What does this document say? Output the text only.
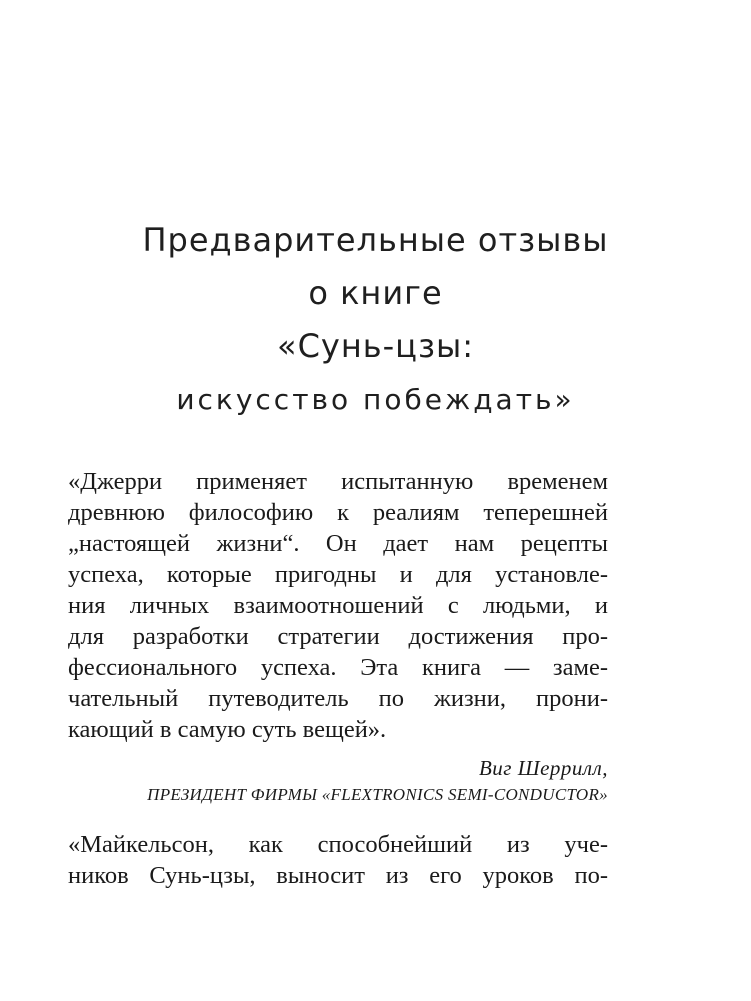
Предварительные отзывы
о книге
«Сунь-цзы:
искусство побеждать»
«Джерри применяет испытанную временем
древнюю философию к реалиям теперешней
„настоящей жизни“. Он дает нам рецепты
успеха, которые пригодны и для установле-
ния личных взаимоотношений с людьми, и
для разработки стратегии достижения про-
фессионального успеха. Эта книга — заме-
чательный путеводитель по жизни, прони-
кающий в самую суть вещей».
Виг Шеррилл,
ПРЕЗИДЕНТ ФИРМЫ «FLEXTRONICS SEMI-CONDUCTOR»
«Майкельсон, как способнейший из уче-
ников Сунь-цзы, выносит из его уроков по-
